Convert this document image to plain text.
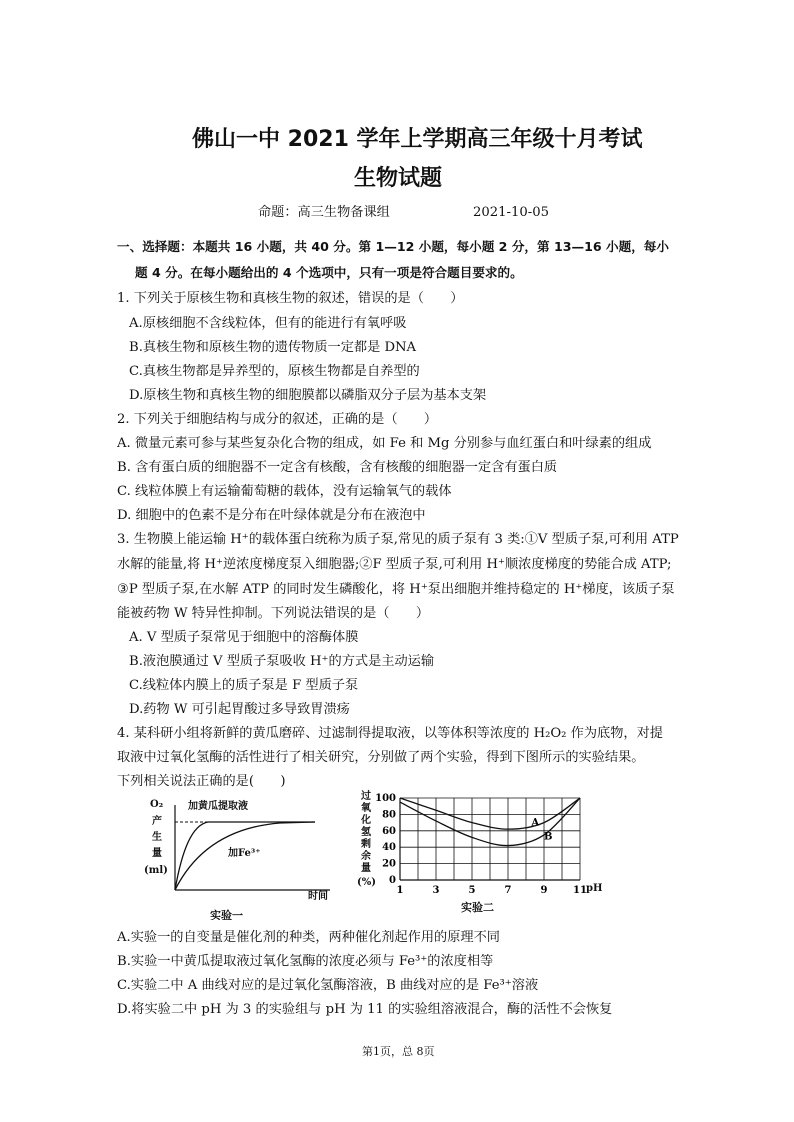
佛山一中 2021 学年上学期高三年级十月考试
生物试题
命题：高三生物备课组	2021-10-05
一、选择题：本题共 16 小题，共 40 分。第 1—12 小题，每小题 2 分，第 13—16 小题，每小
题 4 分。在每小题给出的 4 个选项中，只有一项是符合题目要求的。
1. 下列关于原核生物和真核生物的叙述，错误的是（　　）
A.原核细胞不含线粒体，但有的能进行有氧呼吸
B.真核生物和原核生物的遗传物质一定都是 DNA
C.真核生物都是异养型的，原核生物都是自养型的
D.原核生物和真核生物的细胞膜都以磷脂双分子层为基本支架
2. 下列关于细胞结构与成分的叙述，正确的是（　　）
A. 微量元素可参与某些复杂化合物的组成，如 Fe 和 Mg 分别参与血红蛋白和叶绿素的组成
B. 含有蛋白质的细胞器不一定含有核酸，含有核酸的细胞器一定含有蛋白质
C. 线粒体膜上有运输葡萄糖的载体，没有运输氧气的载体
D. 细胞中的色素不是分布在叶绿体就是分布在液泡中
3. 生物膜上能运输 H⁺的载体蛋白统称为质子泵,常见的质子泵有 3 类:①V 型质子泵,可利用 ATP
水解的能量,将 H⁺逆浓度梯度泵入细胞器;②F 型质子泵,可利用 H⁺顺浓度梯度的势能合成 ATP;
③P 型质子泵,在水解 ATP 的同时发生磷酸化，将 H⁺泵出细胞并维持稳定的 H⁺梯度，该质子泵
能被药物 W 特异性抑制。下列说法错误的是（　　）
A. V 型质子泵常见于细胞中的溶酶体膜
B.液泡膜通过 V 型质子泵吸收 H⁺的方式是主动运输
C.线粒体内膜上的质子泵是 F 型质子泵
D.药物 W 可引起胃酸过多导致胃溃疡
4. 某科研小组将新鲜的黄瓜磨碎、过滤制得提取液，以等体积等浓度的 H₂O₂ 作为底物，对提
取液中过氧化氢酶的活性进行了相关研究，分别做了两个实验，得到下图所示的实验结果。
下列相关说法正确的是(　　)
O₂
产
生
量
(ml)
加黄瓜提取液
加Fe³⁺
时间
实验一
过
氧
化
氢
剩
余
量
(%)
pH
实验二
0
20
40
60
80
100
1	3	5	7	9	11
A
B
A.实验一的自变量是催化剂的种类，两种催化剂起作用的原理不同
B.实验一中黄瓜提取液过氧化氢酶的浓度必须与 Fe³⁺的浓度相等
C.实验二中 A 曲线对应的是过氧化氢酶溶液，B 曲线对应的是 Fe³⁺溶液
D.将实验二中 pH 为 3 的实验组与 pH 为 11 的实验组溶液混合，酶的活性不会恢复
第1页，总 8页
